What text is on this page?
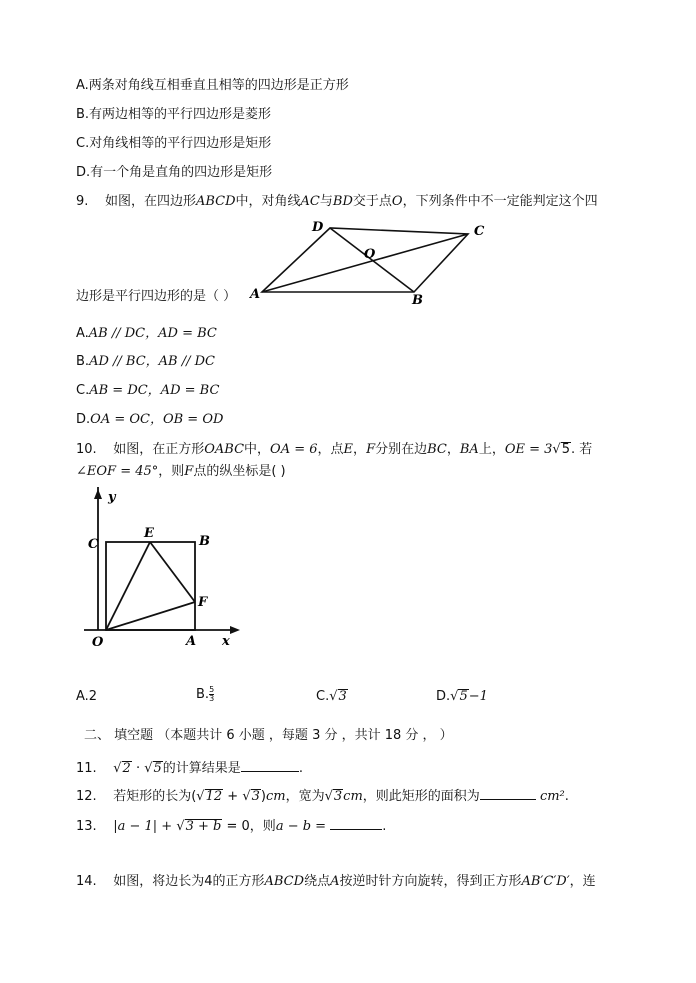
A.两条对角线互相垂直且相等的四边形是正方形
B.有两边相等的平行四边形是菱形
C.对角线相等的平行四边形是矩形
D.有一个角是直角的四边形是矩形
9. 如图，在四边形ABCD中，对角线AC与BD交于点O，下列条件中不一定能判定这个四
D	C
O
A	B
边形是平行四边形的是（ ）
A.AB // DC，AD = BC
B.AD // BC，AB // DC
C.AB = DC，AD = BC
D.OA = OC，OB = OD
10. 如图，在正方形OABC中，OA = 6，点E，F分别在边BC，BA上，OE = 3√5. 若
∠EOF = 45°，则F点的纵坐标是( )
y
x
C
E
B
F
O	A
A.2	B. $\frac{5}{3}$	C.√3	D.√5−1
二、 填空题 （本题共计 6 小题 ，每题 3 分 ，共计 18 分 ， ）
11. √2 · √5的计算结果是	.
12. 若矩形的长为(√12 + √3)cm，宽为√3cm，则此矩形的面积为	cm².
13. |a − 1| + √3 + b = 0，则a − b =	.
14. 如图，将边长为4的正方形ABCD绕点A按逆时针方向旋转，得到正方形AB′C′D′，连
